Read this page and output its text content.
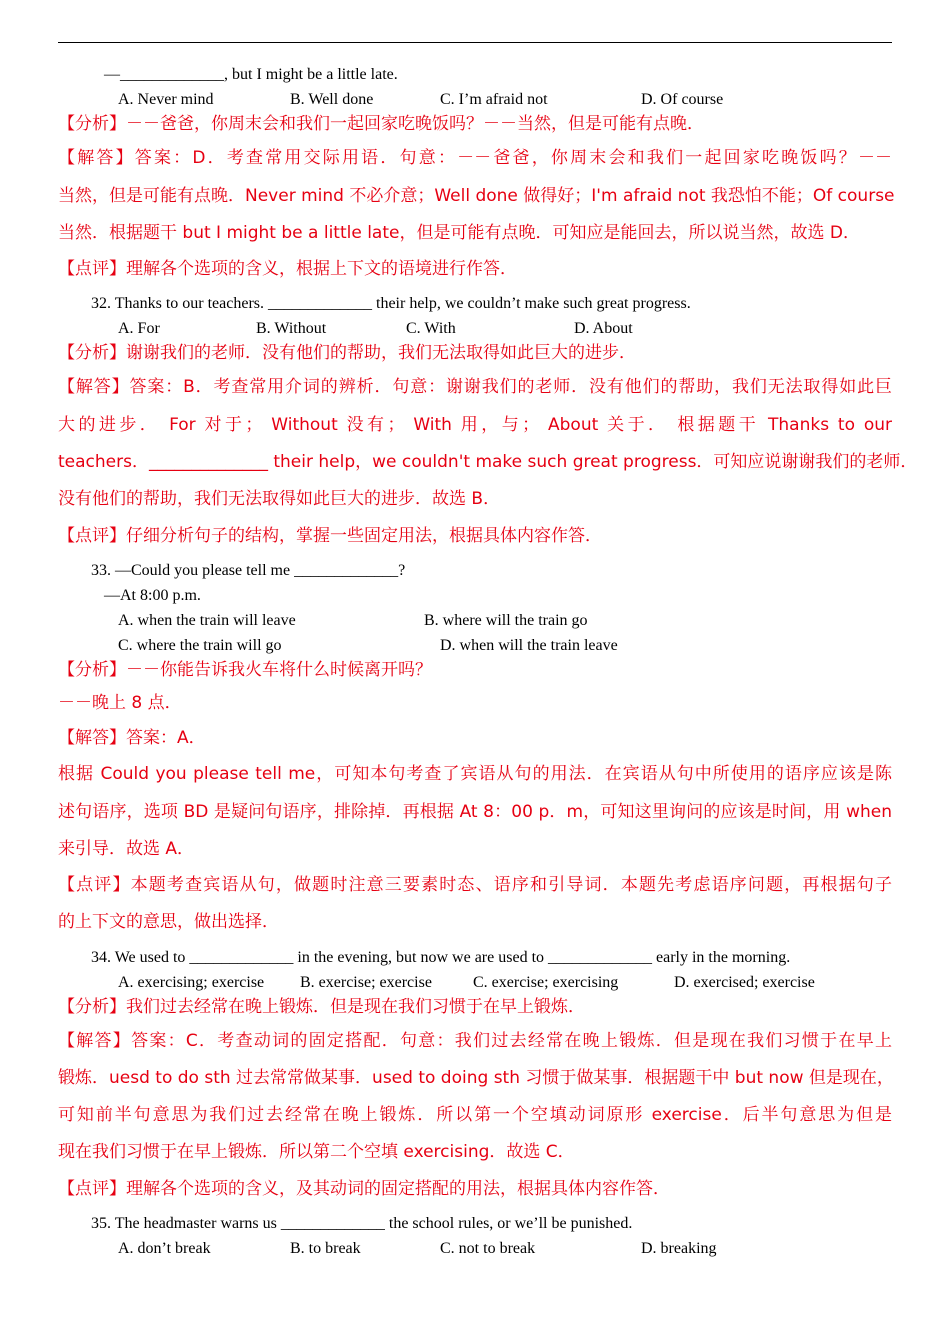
—_____________, but I might be a little late.
A. Never mind	B. Well done	C. I’m afraid not	D. Of course
【分析】－－爸爸，你周末会和我们一起回家吃晚饭吗？－－当然，但是可能有点晚．
【解答】答案：D．考查常用交际用语．句意：－－爸爸，你周末会和我们一起回家吃晚饭吗？－－
当然，但是可能有点晚．Never mind 不必介意；Well done 做得好；I'm afraid not 我恐怕不能；Of course
当然．根据题干 but I might be a little late，但是可能有点晚．可知应是能回去，所以说当然，故选 D．
【点评】理解各个选项的含义，根据上下文的语境进行作答．
32. Thanks to our teachers. _____________ their help, we couldn’t make such great progress.
A. For	B. Without	C. With	D. About
【分析】谢谢我们的老师．没有他们的帮助，我们无法取得如此巨大的进步．
【解答】答案：B．考查常用介词的辨析．句意：谢谢我们的老师．没有他们的帮助，我们无法取得如此巨
大的进步． For 对于； Without 没有； With 用，与； About 关于． 根据题干 Thanks to our
teachers．______________ their help，we couldn't make such great progress．可知应说谢谢我们的老师．
没有他们的帮助，我们无法取得如此巨大的进步．故选 B．
【点评】仔细分析句子的结构，掌握一些固定用法，根据具体内容作答．
33. —Could you please tell me _____________?
—At 8:00 p.m.
A. when the train will leave	B. where will the train go
C. where the train will go	D. when will the train leave
【分析】－－你能告诉我火车将什么时候离开吗？
－－晚上 8 点．
【解答】答案：A．
根据 Could you please tell me，可知本句考查了宾语从句的用法．在宾语从句中所使用的语序应该是陈
述句语序，选项 BD 是疑问句语序，排除掉．再根据 At 8：00 p．m，可知这里询问的应该是时间，用 when
来引导．故选 A．
【点评】本题考查宾语从句，做题时注意三要素时态、语序和引导词．本题先考虑语序问题，再根据句子
的上下文的意思，做出选择．
34. We used to _____________ in the evening, but now we are used to _____________ early in the morning.
A. exercising; exercise B. exercise; exercise	C. exercise; exercising	D. exercised; exercise
【分析】我们过去经常在晚上锻炼．但是现在我们习惯于在早上锻炼．
【解答】答案：C．考查动词的固定搭配．句意：我们过去经常在晚上锻炼．但是现在我们习惯于在早上
锻炼．uesd to do sth 过去常常做某事．used to doing sth 习惯于做某事．根据题干中 but now 但是现在，
可知前半句意思为我们过去经常在晚上锻炼．所以第一个空填动词原形 exercise．后半句意思为但是
现在我们习惯于在早上锻炼．所以第二个空填 exercising．故选 C．
【点评】理解各个选项的含义，及其动词的固定搭配的用法，根据具体内容作答．
35. The headmaster warns us _____________ the school rules, or we’ll be punished.
A. don’t break	B. to break	C. not to break	D. breaking
